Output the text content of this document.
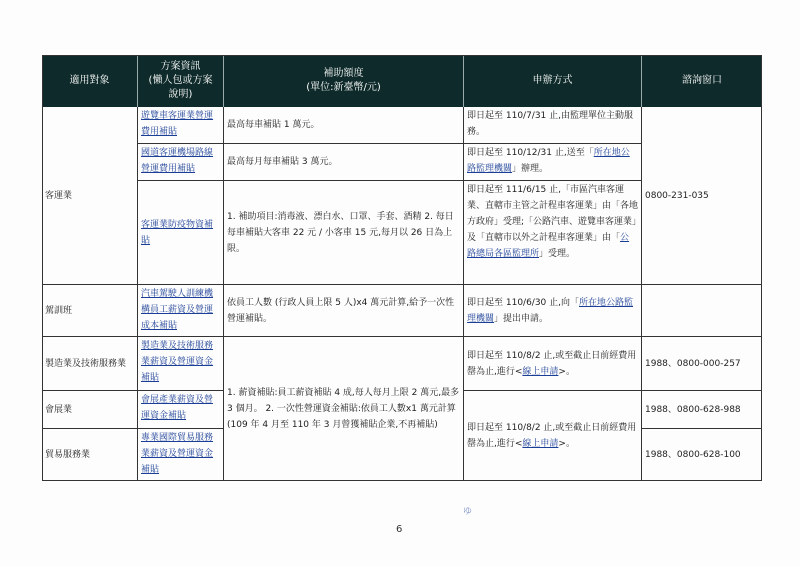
適用對象
方案資訊
(懶人包或方案
說明)
補助額度
(單位:新臺幣/元)
申辦方式	諮詢窗口
客運業
遊覽車客運業營運費用補貼
最高每車補貼 1 萬元。
即日起至 110/7/31 止,由監理單位主動服務。
國道客運機場路線營運費用補貼
最高每月每車補貼 3 萬元。
即日起至 110/12/31 止,送至「所在地公路監理機關」辦理。
客運業防疫物資補貼
1. 補助項目:消毒液、漂白水、口罩、手套、酒精 2. 每日每車補貼大客車 22 元 / 小客車 15 元,每月以 26 日為上限。
即日起至 111/6/15 止,「市區汽車客運業、直轄市主管之計程車客運業」由「各地方政府」受理;「公路汽車、遊覽車客運業」及「直轄市以外之計程車客運業」由「公路總局各區監理所」受理。
0800-231-035
駕訓班
汽車駕駛人訓練機構員工薪資及營運成本補貼
依員工人數 (行政人員上限 5 人)x4 萬元計算,給予一次性營運補貼。
即日起至 110/6/30 止,向「所在地公路監理機關」提出申請。
製造業及技術服務業
製造業及技術服務業薪資及營運資金補貼
即日起至 110/8/2 止,或至截止日前經費用罄為止,進行<線上申請>。
1988、0800-000-257
會展業
會展產業薪資及營運資金補貼
1988、0800-628-988
貿易服務業
專業國際貿易服務業薪資及營運資金補貼
1988、0800-628-100
1. 薪資補貼:員工薪資補貼 4 成,每人每月上限 2 萬元,最多 3 個月。 2. 一次性營運資金補貼:依員工人數x1 萬元計算 (109 年 4 月至 110 年 3 月曾獲補貼企業,不再補貼)	即日起至 110/8/2 止,或至截止日前經費用罄為止,進行<線上申請>。
ゆ
6
